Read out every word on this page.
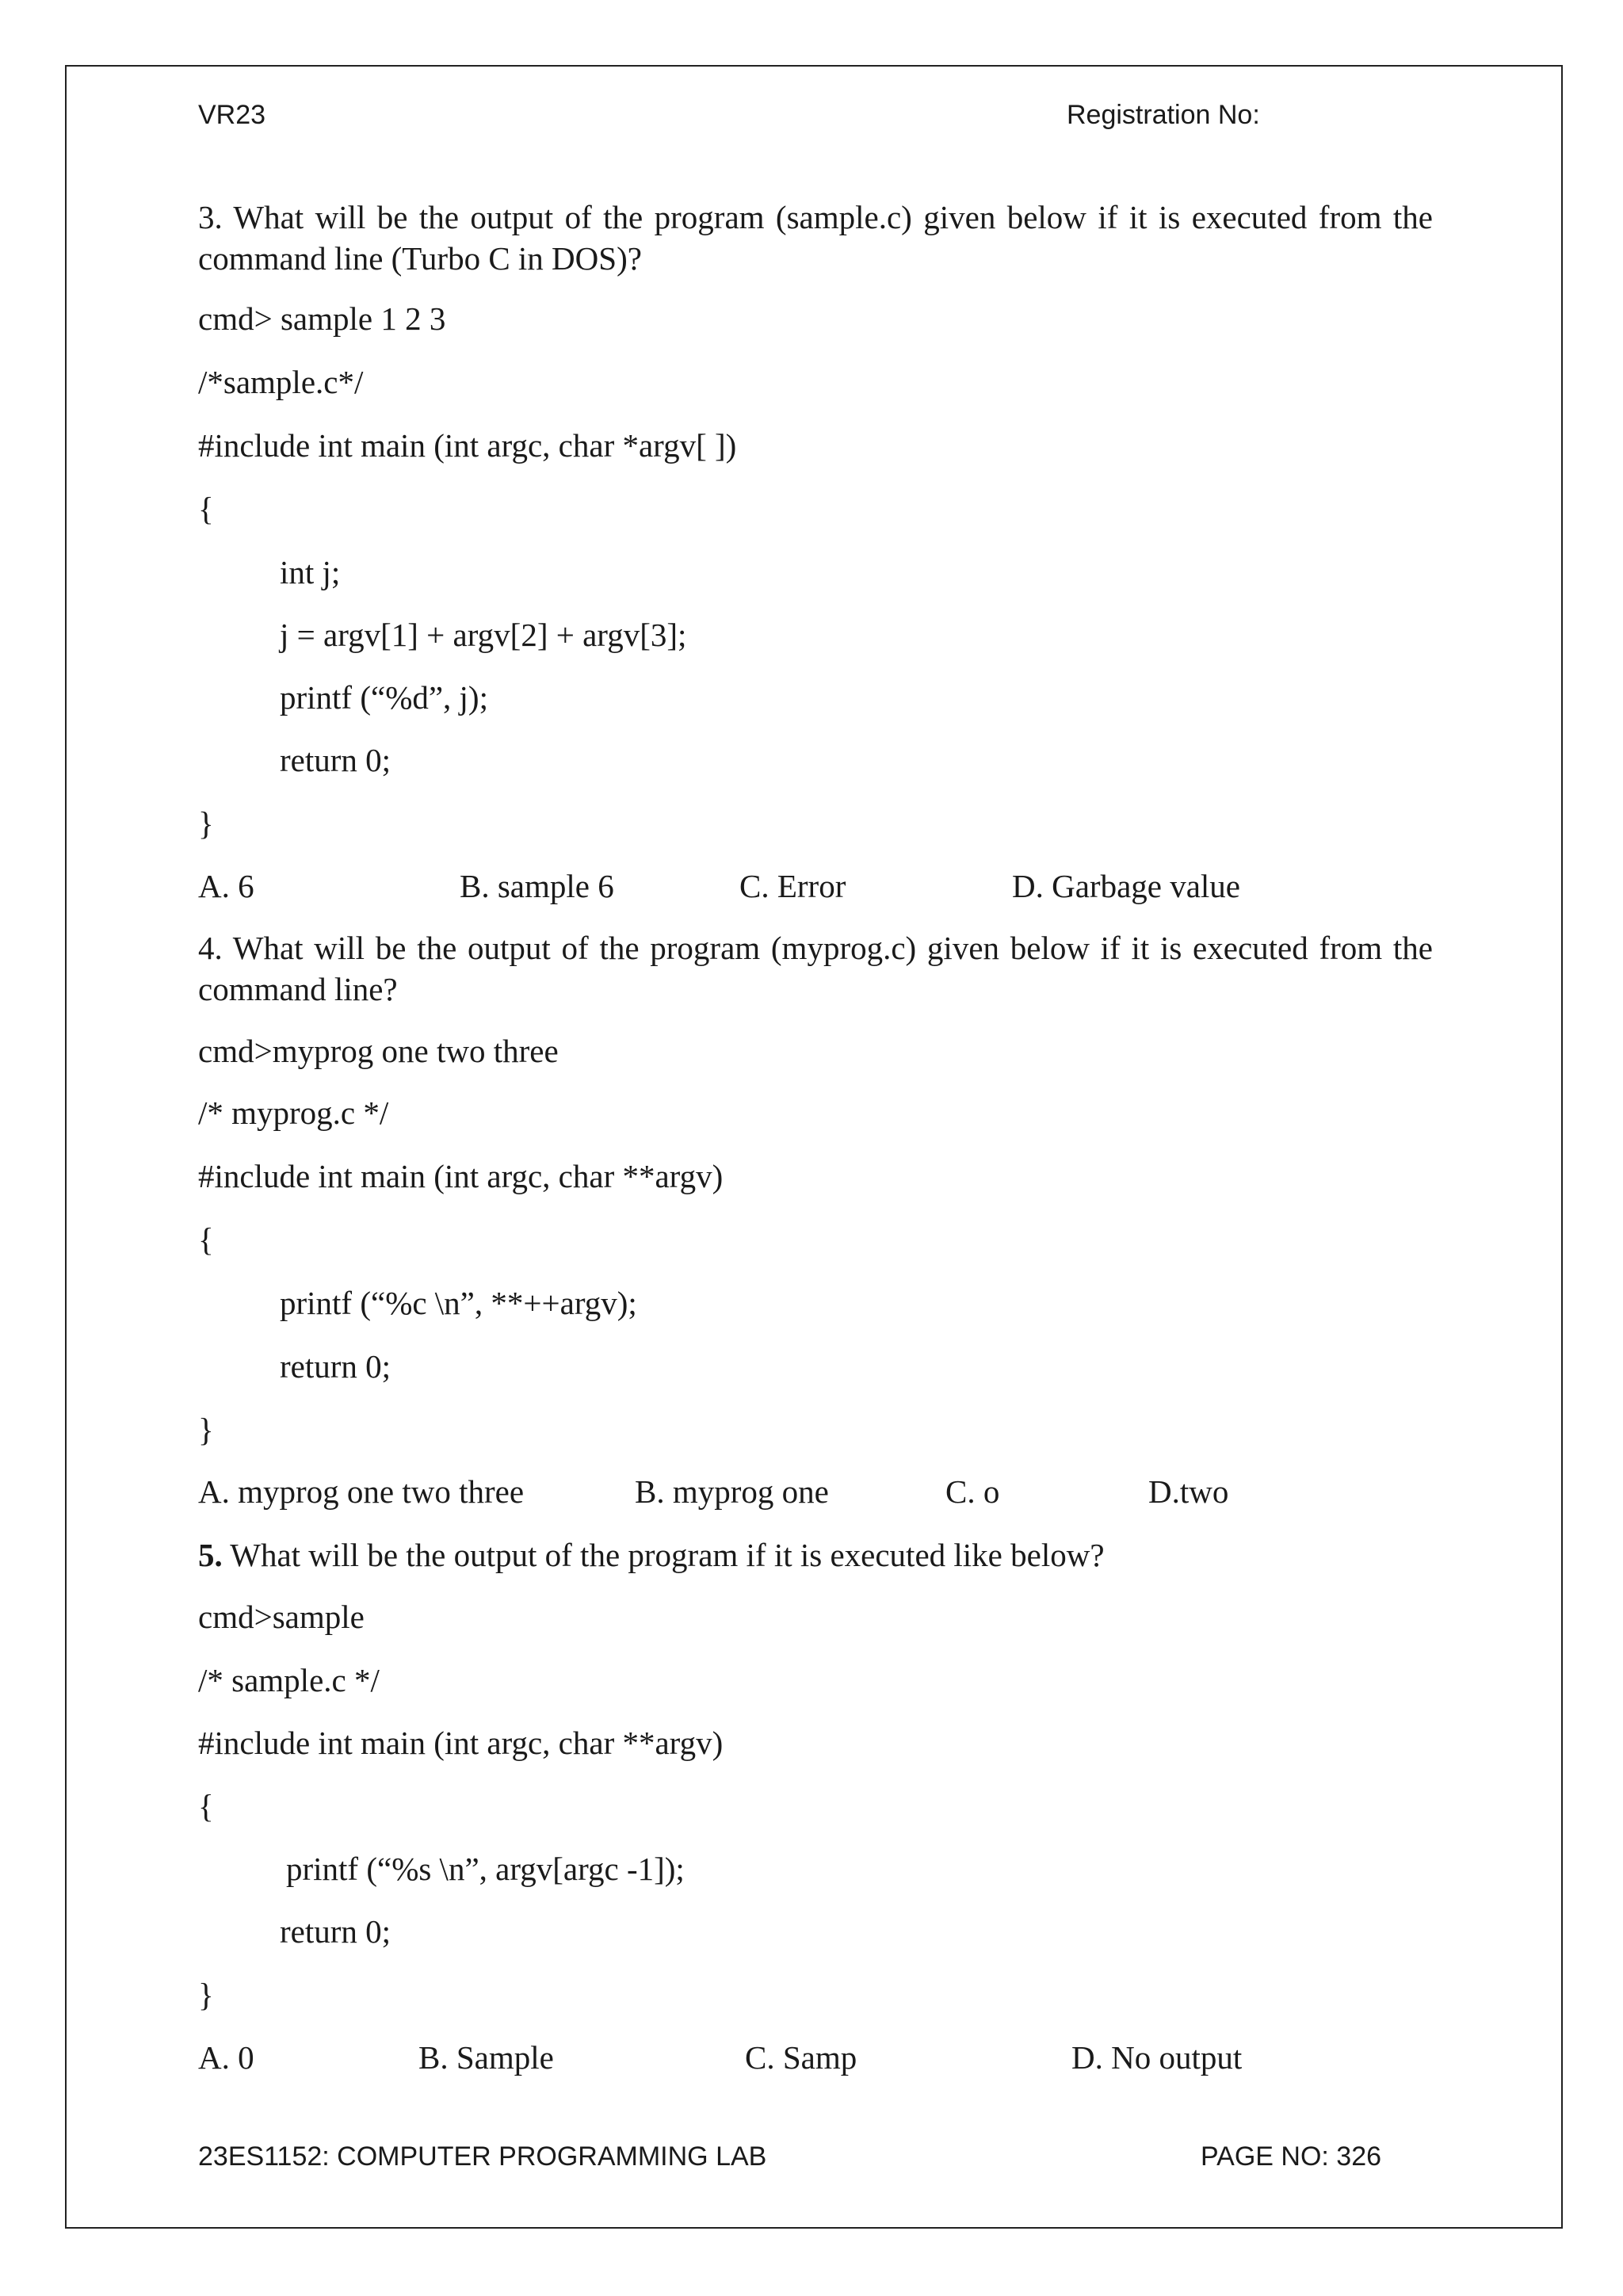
VR23	Registration No:
3. What will be the output of the program (sample.c) given below if it is executed from the command line (Turbo C in DOS)?
cmd> sample 1 2 3
/*sample.c*/
#include int main (int argc, char *argv[ ])
{
int j;
j = argv[1] + argv[2] + argv[3];
printf (“%d”, j);
return 0;
}
A. 6	B. sample 6	C. Error	D. Garbage value
4. What will be the output of the program (myprog.c) given below if it is executed from the command line?
cmd>myprog one two three
/* myprog.c */
#include int main (int argc, char **argv)
{
printf (“%c \n”, **++argv);
return 0;
}
A. myprog one two three	B. myprog one	C. o	D.two
5. What will be the output of the program if it is executed like below?
cmd>sample
/* sample.c */
#include int main (int argc, char **argv)
{
printf (“%s \n”, argv[argc -1]);
return 0;
}
A. 0	B. Sample	C. Samp	D. No output
23ES1152: COMPUTER PROGRAMMING LAB	PAGE NO: 326
